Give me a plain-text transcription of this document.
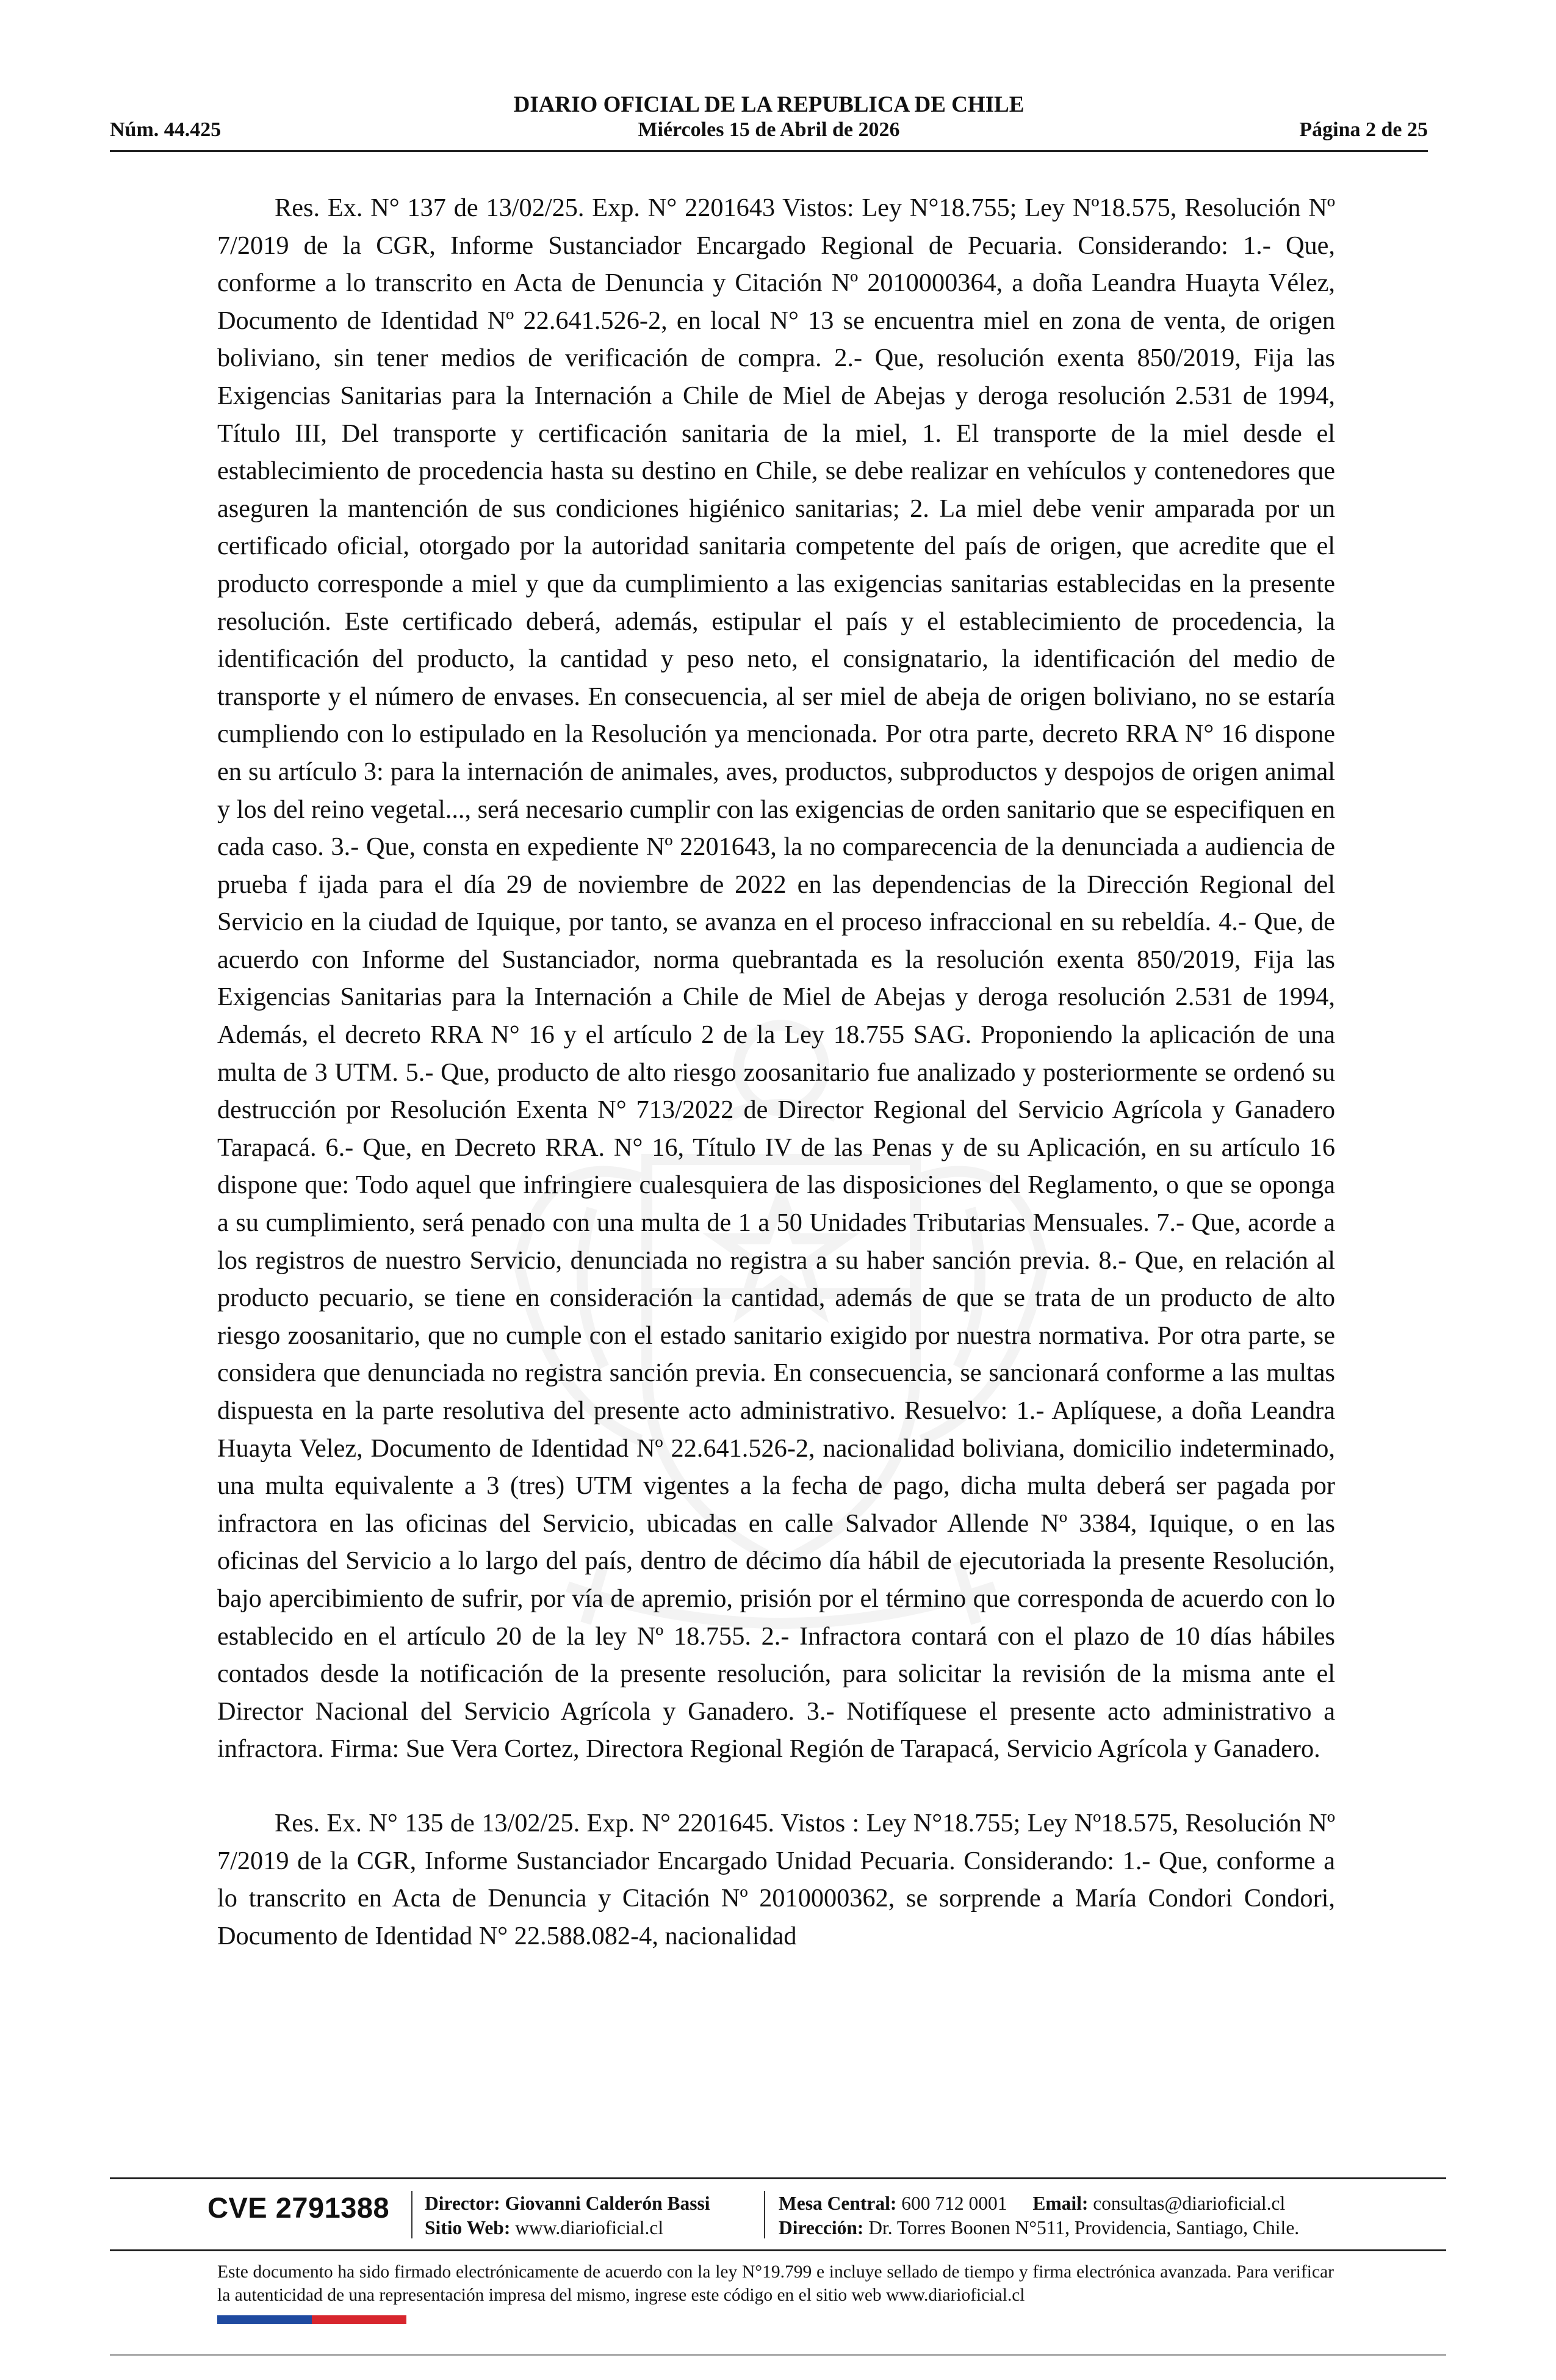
DIARIO OFICIAL DE LA REPUBLICA DE CHILE
Núm. 44.425	Miércoles 15 de Abril de 2026	Página 2 de 25

Res. Ex. N° 137 de 13/02/25. Exp. N° 2201643 Vistos: Ley N°18.755; Ley Nº18.575, Resolución Nº 7/2019 de la CGR, Informe Sustanciador Encargado Regional de Pecuaria. Considerando: 1.- Que, conforme a lo transcrito en Acta de Denuncia y Citación Nº 2010000364, a doña Leandra Huayta Vélez, Documento de Identidad Nº 22.641.526-2, en local N° 13 se encuentra miel en zona de venta, de origen boliviano, sin tener medios de verificación de compra. 2.- Que, resolución exenta 850/2019, Fija las Exigencias Sanitarias para la Internación a Chile de Miel de Abejas y deroga resolución 2.531 de 1994, Título III, Del transporte y certificación sanitaria de la miel, 1. El transporte de la miel desde el establecimiento de procedencia hasta su destino en Chile, se debe realizar en vehículos y contenedores que aseguren la mantención de sus condiciones higiénico sanitarias; 2. La miel debe venir amparada por un certificado oficial, otorgado por la autoridad sanitaria competente del país de origen, que acredite que el producto corresponde a miel y que da cumplimiento a las exigencias sanitarias establecidas en la presente resolución. Este certificado deberá, además, estipular el país y el establecimiento de procedencia, la identificación del producto, la cantidad y peso neto, el consignatario, la identificación del medio de transporte y el número de envases. En consecuencia, al ser miel de abeja de origen boliviano, no se estaría cumpliendo con lo estipulado en la Resolución ya mencionada. Por otra parte, decreto RRA N° 16 dispone en su artículo 3: para la internación de animales, aves, productos, subproductos y despojos de origen animal y los del reino vegetal..., será necesario cumplir con las exigencias de orden sanitario que se especifiquen en cada caso. 3.- Que, consta en expediente Nº 2201643, la no comparecencia de la denunciada a audiencia de prueba f ijada para el día 29 de noviembre de 2022 en las dependencias de la Dirección Regional del Servicio en la ciudad de Iquique, por tanto, se avanza en el proceso infraccional en su rebeldía. 4.- Que, de acuerdo con Informe del Sustanciador, norma quebrantada es la resolución exenta 850/2019, Fija las Exigencias Sanitarias para la Internación a Chile de Miel de Abejas y deroga resolución 2.531 de 1994, Además, el decreto RRA N° 16 y el artículo 2 de la Ley 18.755 SAG. Proponiendo la aplicación de una multa de 3 UTM. 5.- Que, producto de alto riesgo zoosanitario fue analizado y posteriormente se ordenó su destrucción por Resolución Exenta N° 713/2022 de Director Regional del Servicio Agrícola y Ganadero Tarapacá. 6.- Que, en Decreto RRA. N° 16, Título IV de las Penas y de su Aplicación, en su artículo 16 dispone que: Todo aquel que infringiere cualesquiera de las disposiciones del Reglamento, o que se oponga a su cumplimiento, será penado con una multa de 1 a 50 Unidades Tributarias Mensuales. 7.- Que, acorde a los registros de nuestro Servicio, denunciada no registra a su haber sanción previa. 8.- Que, en relación al producto pecuario, se tiene en consideración la cantidad, además de que se trata de un producto de alto riesgo zoosanitario, que no cumple con el estado sanitario exigido por nuestra normativa. Por otra parte, se considera que denunciada no registra sanción previa. En consecuencia, se sancionará conforme a las multas dispuesta en la parte resolutiva del presente acto administrativo. Resuelvo: 1.- Aplíquese, a doña Leandra Huayta Velez, Documento de Identidad Nº 22.641.526-2, nacionalidad boliviana, domicilio indeterminado, una multa equivalente a 3 (tres) UTM vigentes a la fecha de pago, dicha multa deberá ser pagada por infractora en las oficinas del Servicio, ubicadas en calle Salvador Allende Nº 3384, Iquique, o en las oficinas del Servicio a lo largo del país, dentro de décimo día hábil de ejecutoriada la presente Resolución, bajo apercibimiento de sufrir, por vía de apremio, prisión por el término que corresponda de acuerdo con lo establecido en el artículo 20 de la ley Nº 18.755. 2.- Infractora contará con el plazo de 10 días hábiles contados desde la notificación de la presente resolución, para solicitar la revisión de la misma ante el Director Nacional del Servicio Agrícola y Ganadero. 3.- Notifíquese el presente acto administrativo a infractora. Firma: Sue Vera Cortez, Directora Regional Región de Tarapacá, Servicio Agrícola y Ganadero.

Res. Ex. N° 135 de 13/02/25. Exp. N° 2201645. Vistos : Ley N°18.755; Ley Nº18.575, Resolución Nº 7/2019 de la CGR, Informe Sustanciador Encargado Unidad Pecuaria. Considerando: 1.- Que, conforme a lo transcrito en Acta de Denuncia y Citación Nº 2010000362, se sorprende a María Condori Condori, Documento de Identidad N° 22.588.082-4, nacionalidad

CVE 2791388 Director: Giovanni Calderón Bassi
Sitio Web: www.diarioficial.cl
Mesa Central: 600 712 0001 Email: consultas@diarioficial.cl
Dirección: Dr. Torres Boonen N°511, Providencia, Santiago, Chile.
Este documento ha sido firmado electrónicamente de acuerdo con la ley N°19.799 e incluye sellado de tiempo y firma electrónica avanzada. Para verificar la autenticidad de una representación impresa del mismo, ingrese este código en el sitio web www.diarioficial.cl
